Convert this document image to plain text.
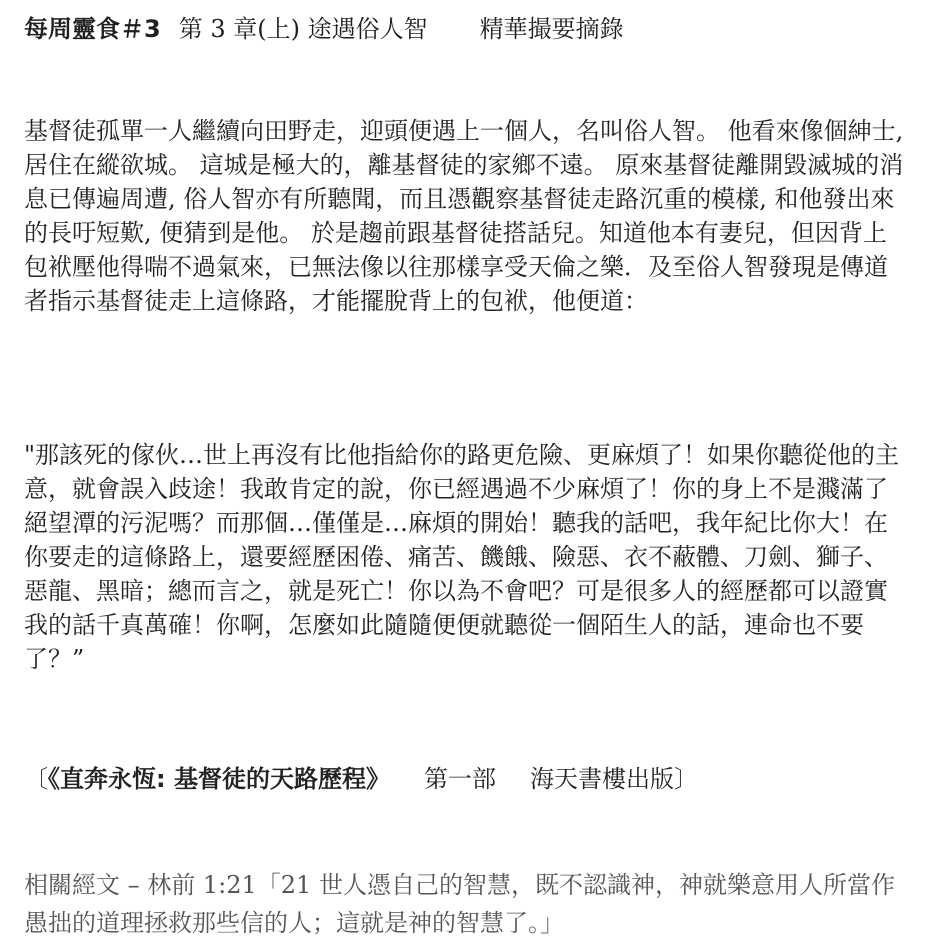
每周靈食＃3 第 3 章(上) 途遇俗人智 精華撮要摘錄

基督徒孤單一人繼續向田野走，迎頭便遇上一個人，名叫俗人智。 他看來像個紳士, 居住在縱欲城。 這城是極大的，離基督徒的家鄉不遠。 原來基督徒離開毀滅城的消息已傳遍周遭, 俗人智亦有所聽聞，而且憑觀察基督徒走路沉重的模樣, 和他發出來的長吁短歎, 便猜到是他。 於是趨前跟基督徒搭話兒。知道他本有妻兒，但因背上包袱壓他得喘不過氣來，已無法像以往那樣享受天倫之樂．及至俗人智發現是傳道者指示基督徒走上這條路，才能擺脫背上的包袱，他便道：

"那該死的傢伙…世上再沒有比他指給你的路更危險、更麻煩了！如果你聽從他的主意，就會誤入歧途！我敢肯定的說，你已經遇過不少麻煩了！你的身上不是濺滿了絕望潭的污泥嗎？而那個…僅僅是…麻煩的開始！聽我的話吧，我年紀比你大！在你要走的這條路上，還要經歷困倦、痛苦、饑餓、險惡、衣不蔽體、刀劍、獅子、惡龍、黑暗；總而言之，就是死亡！你以為不會吧？可是很多人的經歷都可以證實我的話千真萬確！你啊，怎麼如此隨隨便便就聽從一個陌生人的話，連命也不要了？”

〔《直奔永恆: 基督徒的天路歷程》 第一部 海天書樓出版〕

相關經文 – 林前 1:21「21 世人憑自己的智慧，既不認識神，神就樂意用人所當作愚拙的道理拯救那些信的人；這就是神的智慧了。」
